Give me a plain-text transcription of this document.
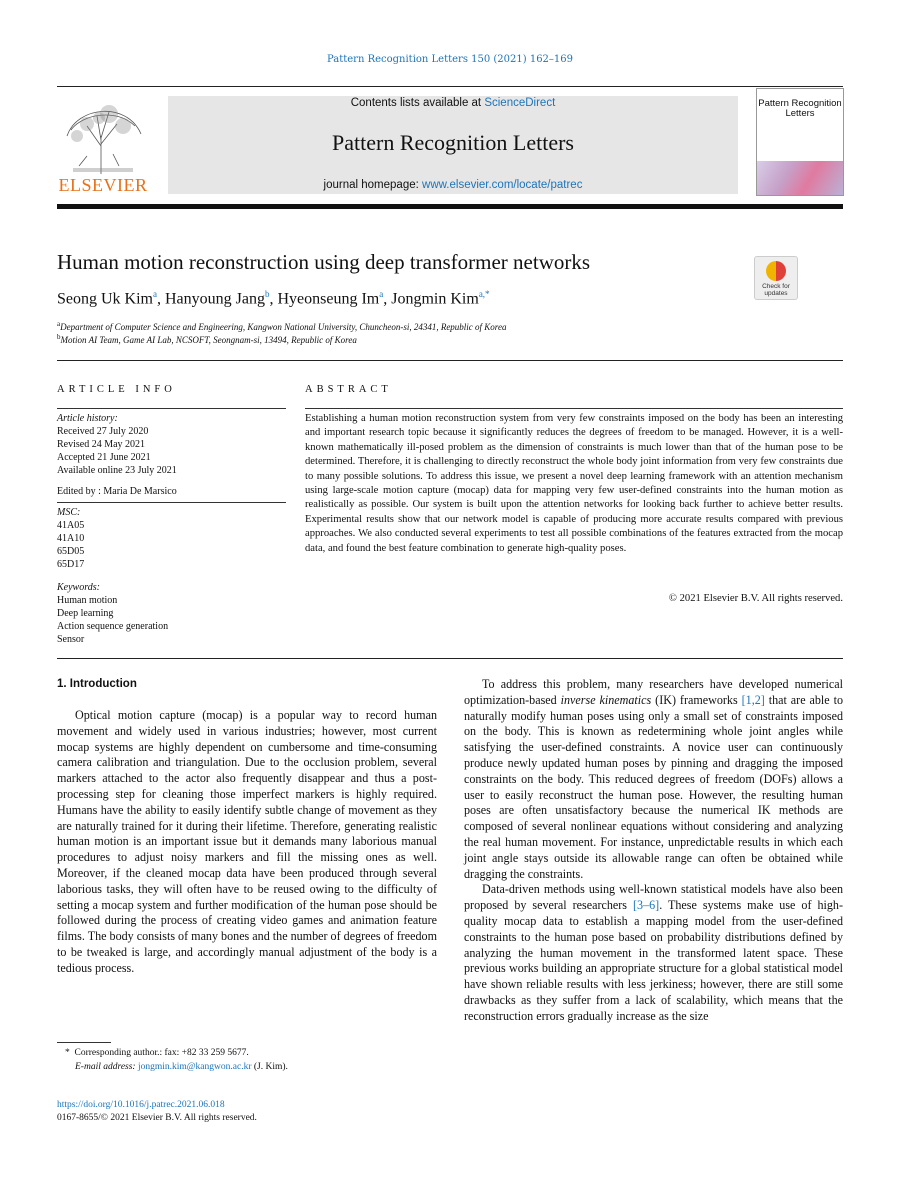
Pattern Recognition Letters 150 (2021) 162–169
ELSEVIER
Contents lists available at ScienceDirect
Pattern Recognition Letters
journal homepage: www.elsevier.com/locate/patrec
Pattern Recognition Letters
Human motion reconstruction using deep transformer networks
Check for updates
Seong Uk Kim$^a$, Hanyoung Jang$^b$, Hyeonseung Im$^a$, Jongmin Kim$^{a,*}$
$^a$Department of Computer Science and Engineering, Kangwon National University, Chuncheon-si, 24341, Republic of Korea
$^b$Motion AI Team, Game AI Lab, NCSOFT, Seongnam-si, 13494, Republic of Korea
ARTICLE INFO
Article history:
Received 27 July 2020
Revised 24 May 2021
Accepted 21 June 2021
Available online 23 July 2021
Edited by : Maria De Marsico
MSC:
41A05
41A10
65D05
65D17
Keywords:
Human motion
Deep learning
Action sequence generation
Sensor
ABSTRACT
Establishing a human motion reconstruction system from very few constraints imposed on the body has been an interesting and important research topic because it significantly reduces the degrees of freedom to be managed. However, it is a well-known mathematically ill-posed problem as the dimension of constraints is much lower than that of the human pose to be determined. Therefore, it is challenging to directly reconstruct the whole body joint information from very few constraints due to many possible solutions. To address this issue, we present a novel deep learning framework with an attention mechanism using large-scale motion capture (mocap) data for mapping very few user-defined constraints into the human motion as realistically as possible. Our system is built upon the attention networks for looking back further to achieve better results. Experimental results show that our network model is capable of producing more accurate results compared with previous approaches. We also conducted several experiments to test all possible combinations of the features extracted from the mocap data, and found the best feature combination to generate high-quality poses.
© 2021 Elsevier B.V. All rights reserved.
1. Introduction

Optical motion capture (mocap) is a popular way to record human movement and widely used in various industries; however, most current mocap systems are highly dependent on cumbersome and time-consuming camera calibration and triangulation. Due to the occlusion problem, several markers attached to the actor also frequently disappear and thus a post-processing step for cleaning those imperfect markers is highly required. Humans have the ability to easily identify subtle change of movement as they are naturally trained for it during their lifetime. Therefore, generating realistic human motion is an important issue but it demands many laborious manual procedures to adjust noisy markers and fill the missing ones as well. Moreover, if the cleaned mocap data have been produced through several laborious tasks, they will often have to be reused owing to the difficulty of setting a mocap system and further modification of the human pose should be followed during the process of creating video games and animation feature films. The body consists of many bones and the number of degrees of freedom to be tweaked is large, and accordingly manual adjustment of the body is a tedious process.

To address this problem, many researchers have developed numerical optimization-based inverse kinematics (IK) frameworks [1,2] that are able to naturally modify human poses using only a small set of constraints imposed on the body. This is known as redetermining whole joint angles while satisfying the user-defined constraints. A novice user can continuously produce newly updated human poses by pinning and dragging the imposed constraints on the body. This reduced degrees of freedom (DOFs) allows a user to easily reconstruct the human pose. However, the resulting human poses are often unsatisfactory because the numerical IK methods are composed of several nonlinear equations without considering and analyzing the real human movement. For instance, unpredictable results in which each joint angle stays outside its allowable range can often be obtained while dragging the constraints.

Data-driven methods using well-known statistical models have also been proposed by several researchers [3–6]. These systems make use of high-quality mocap data to establish a mapping model from the user-defined constraints to the human pose based on probability distributions defined by analyzing the human movement in the transformed latent space. These previous works building an appropriate structure for a global statistical model have shown reliable results with less jerkiness; however, there are still some drawbacks as they suffer from a lack of scalability, which means that the reconstruction errors gradually increase as the size

* Corresponding author.: fax: +82 33 259 5677.
E-mail address: jongmin.kim@kangwon.ac.kr (J. Kim).
https://doi.org/10.1016/j.patrec.2021.06.018
0167-8655/© 2021 Elsevier B.V. All rights reserved.
